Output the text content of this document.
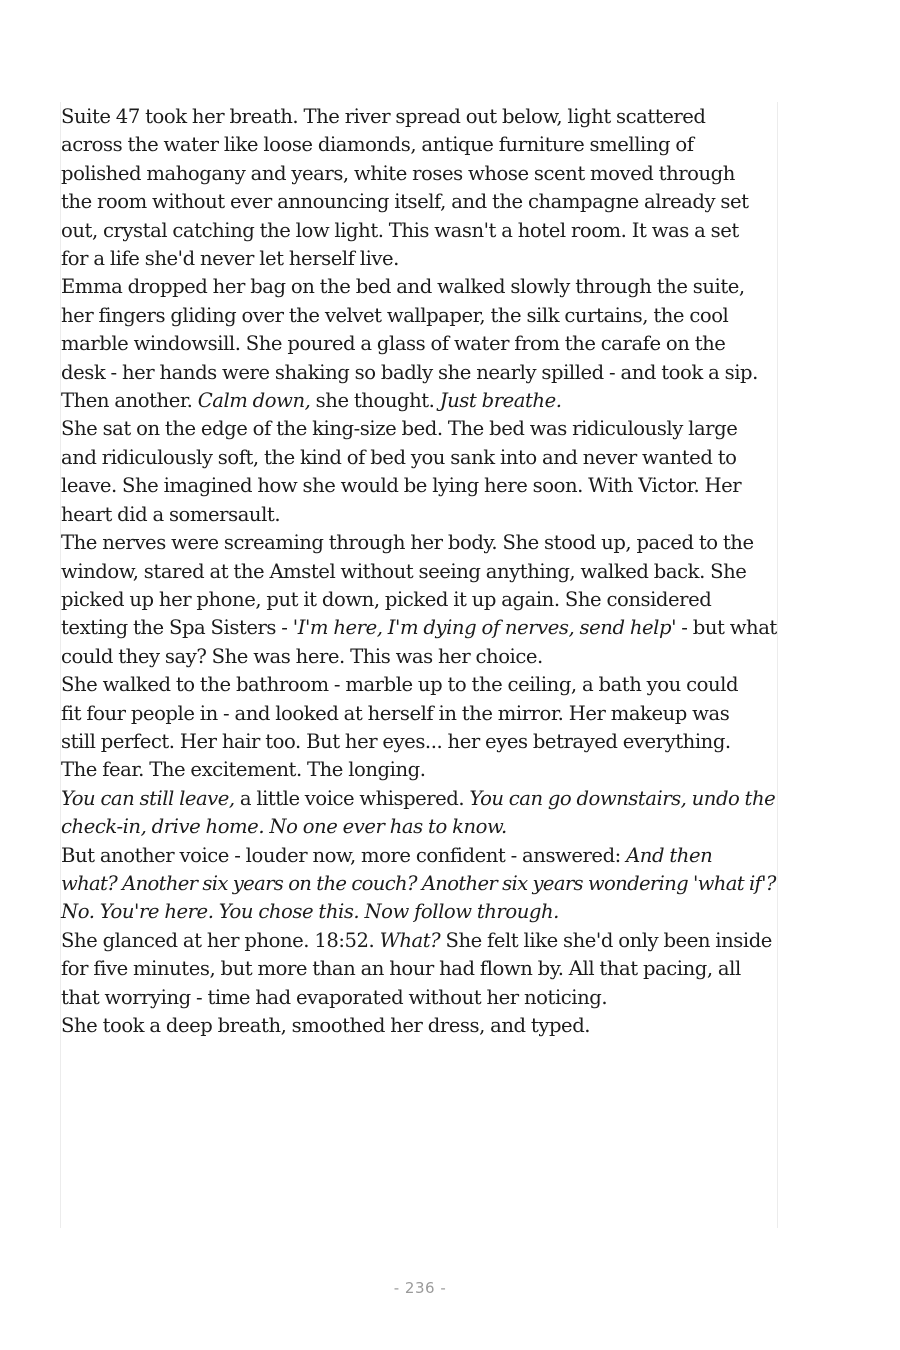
Suite 47 took her breath. The river spread out below, light scattered
across the water like loose diamonds, antique furniture smelling of
polished mahogany and years, white roses whose scent moved through
the room without ever announcing itself, and the champagne already set
out, crystal catching the low light. This wasn't a hotel room. It was a set
for a life she'd never let herself live.
Emma dropped her bag on the bed and walked slowly through the suite,
her fingers gliding over the velvet wallpaper, the silk curtains, the cool
marble windowsill. She poured a glass of water from the carafe on the
desk - her hands were shaking so badly she nearly spilled - and took a sip.
Then another. Calm down, she thought. Just breathe.
She sat on the edge of the king-size bed. The bed was ridiculously large
and ridiculously soft, the kind of bed you sank into and never wanted to
leave. She imagined how she would be lying here soon. With Victor. Her
heart did a somersault.
The nerves were screaming through her body. She stood up, paced to the
window, stared at the Amstel without seeing anything, walked back. She
picked up her phone, put it down, picked it up again. She considered
texting the Spa Sisters - 'I'm here, I'm dying of nerves, send help' - but what
could they say? She was here. This was her choice.
She walked to the bathroom - marble up to the ceiling, a bath you could
fit four people in - and looked at herself in the mirror. Her makeup was
still perfect. Her hair too. But her eyes... her eyes betrayed everything.
The fear. The excitement. The longing.
You can still leave, a little voice whispered. You can go downstairs, undo the
check-in, drive home. No one ever has to know.
But another voice - louder now, more confident - answered: And then
what? Another six years on the couch? Another six years wondering 'what if'?
No. You're here. You chose this. Now follow through.
She glanced at her phone. 18:52. What? She felt like she'd only been inside
for five minutes, but more than an hour had flown by. All that pacing, all
that worrying - time had evaporated without her noticing.
She took a deep breath, smoothed her dress, and typed.
- 236 -
